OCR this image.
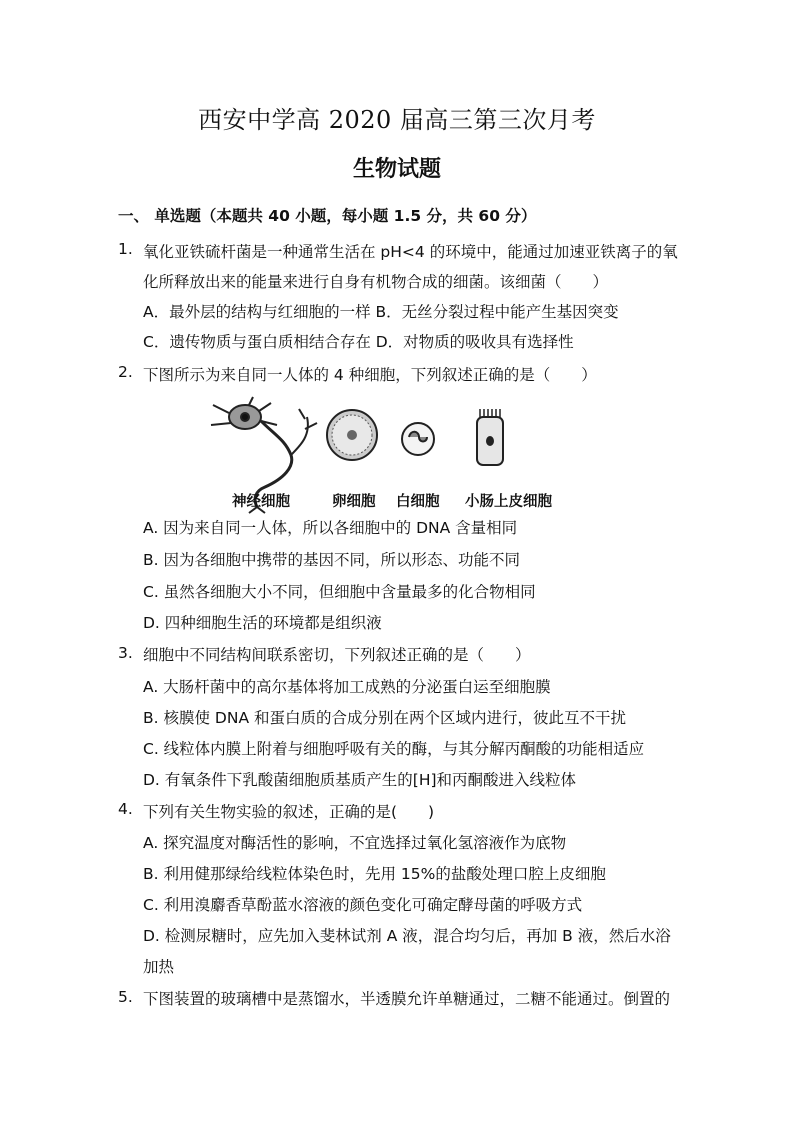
西安中学高 2020 届高三第三次月考
生物试题
一、 单选题（本题共 40 小题，每小题 1.5 分，共 60 分）
1. 氧化亚铁硫杆菌是一种通常生活在 pH<4 的环境中，能通过加速亚铁离子的氧
化所释放出来的能量来进行自身有机物合成的细菌。该细菌（　　）
A．最外层的结构与红细胞的一样 B．无丝分裂过程中能产生基因突变
C．遗传物质与蛋白质相结合存在 D．对物质的吸收具有选择性
2. 下图所示为来自同一人体的 4 种细胞，下列叙述正确的是（　　）
神经细胞	卵细胞 白细胞 小肠上皮细胞
A. 因为来自同一人体，所以各细胞中的 DNA 含量相同
B. 因为各细胞中携带的基因不同，所以形态、功能不同
C. 虽然各细胞大小不同，但细胞中含量最多的化合物相同
D. 四种细胞生活的环境都是组织液
3. 细胞中不同结构间联系密切，下列叙述正确的是（　　）
A. 大肠杆菌中的高尔基体将加工成熟的分泌蛋白运至细胞膜
B. 核膜使 DNA 和蛋白质的合成分别在两个区域内进行，彼此互不干扰
C. 线粒体内膜上附着与细胞呼吸有关的酶，与其分解丙酮酸的功能相适应
D. 有氧条件下乳酸菌细胞质基质产生的[H]和丙酮酸进入线粒体
4. 下列有关生物实验的叙述，正确的是(　　)
A. 探究温度对酶活性的影响，不宜选择过氧化氢溶液作为底物
B. 利用健那绿给线粒体染色时，先用 15%的盐酸处理口腔上皮细胞
C. 利用溴麝香草酚蓝水溶液的颜色变化可确定酵母菌的呼吸方式
D. 检测尿糖时，应先加入斐林试剂 A 液，混合均匀后，再加 B 液，然后水浴
加热
5. 下图装置的玻璃槽中是蒸馏水，半透膜允许单糖通过，二糖不能通过。倒置的
